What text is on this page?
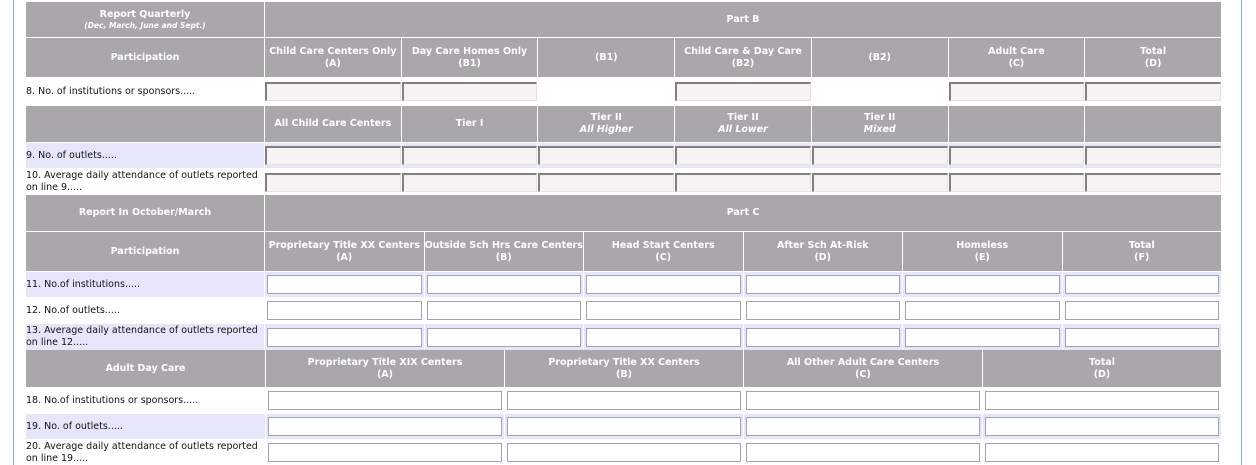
Report Quarterly
(Dec, March, June and Sept.)
Part B
Participation
Child Care Centers Only
(A)
Day Care Homes Only
(B1)
(B1)
Child Care & Day Care
(B2)
(B2)
Adult Care
(C)
Total
(D)
8. No. of institutions or sponsors.....
All Child Care Centers	Tier I
Tier II
All Higher
Tier II
All Lower
Tier II
Mixed
9. No. of outlets.....
10. Average daily attendance of outlets reported on line 9.....
Report In October/March	Part C
Participation
Proprietary Title XX Centers
(A)
Outside Sch Hrs Care Centers
(B)
Head Start Centers
(C)
After Sch At-Risk
(D)
Homeless
(E)
Total
(F)
11. No.of institutions.....
12. No.of outlets.....
13. Average daily attendance of outlets reported on line 12.....
Adult Day Care
Proprietary Title XIX Centers
(A)
Proprietary Title XX Centers
(B)
All Other Adult Care Centers
(C)
Total
(D)
18. No.of institutions or sponsors.....
19. No. of outlets.....
20. Average daily attendance of outlets reported on line 19.....
